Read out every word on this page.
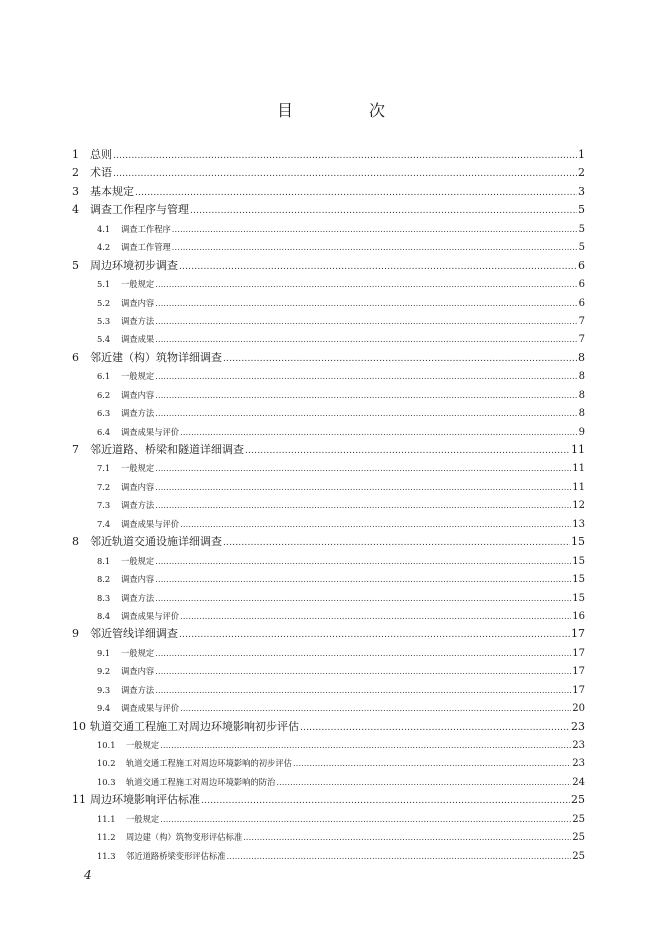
目　次
1	总则 .....	1
2	术语 .....	2
3	基本规定 .....	3
4	调查工作程序与管理 .....	5
4.1	调查工作程序 .....	5
4.2	调查工作管理 .....	5
5	周边环境初步调查 .....	6
5.1	一般规定 .....	6
5.2	调查内容 .....	6
5.3	调查方法 .....	7
5.4	调查成果 .....	7
6	邻近建（构）筑物详细调查 .....	8
6.1	一般规定 .....	8
6.2	调查内容 .....	8
6.3	调查方法 .....	8
6.4	调查成果与评价 .....	9
7	邻近道路、桥梁和隧道详细调查 .....	11
7.1	一般规定 .....	11
7.2	调查内容 .....	11
7.3	调查方法 .....	12
7.4	调查成果与评价 .....	13
8	邻近轨道交通设施详细调查 .....	15
8.1	一般规定 .....	15
8.2	调查内容 .....	15
8.3	调查方法 .....	15
8.4	调查成果与评价 .....	16
9	邻近管线详细调查 .....	17
9.1	一般规定 .....	17
9.2	调查内容 .....	17
9.3	调查方法 .....	17
9.4	调查成果与评价 .....	20
10 轨道交通工程施工对周边环境影响初步评估 .....	23
10.1	一般规定 .....	23
10.2	轨道交通工程施工对周边环境影响的初步评估 .....	23
10.3	轨道交通工程施工对周边环境影响的防治 .....	24
11 周边环境影响评估标准 .....	25
11.1	一般规定 .....	25
11.2	周边建（构）筑物变形评估标准 .....	25
11.3	邻近道路桥梁变形评估标准 .....	25
4
